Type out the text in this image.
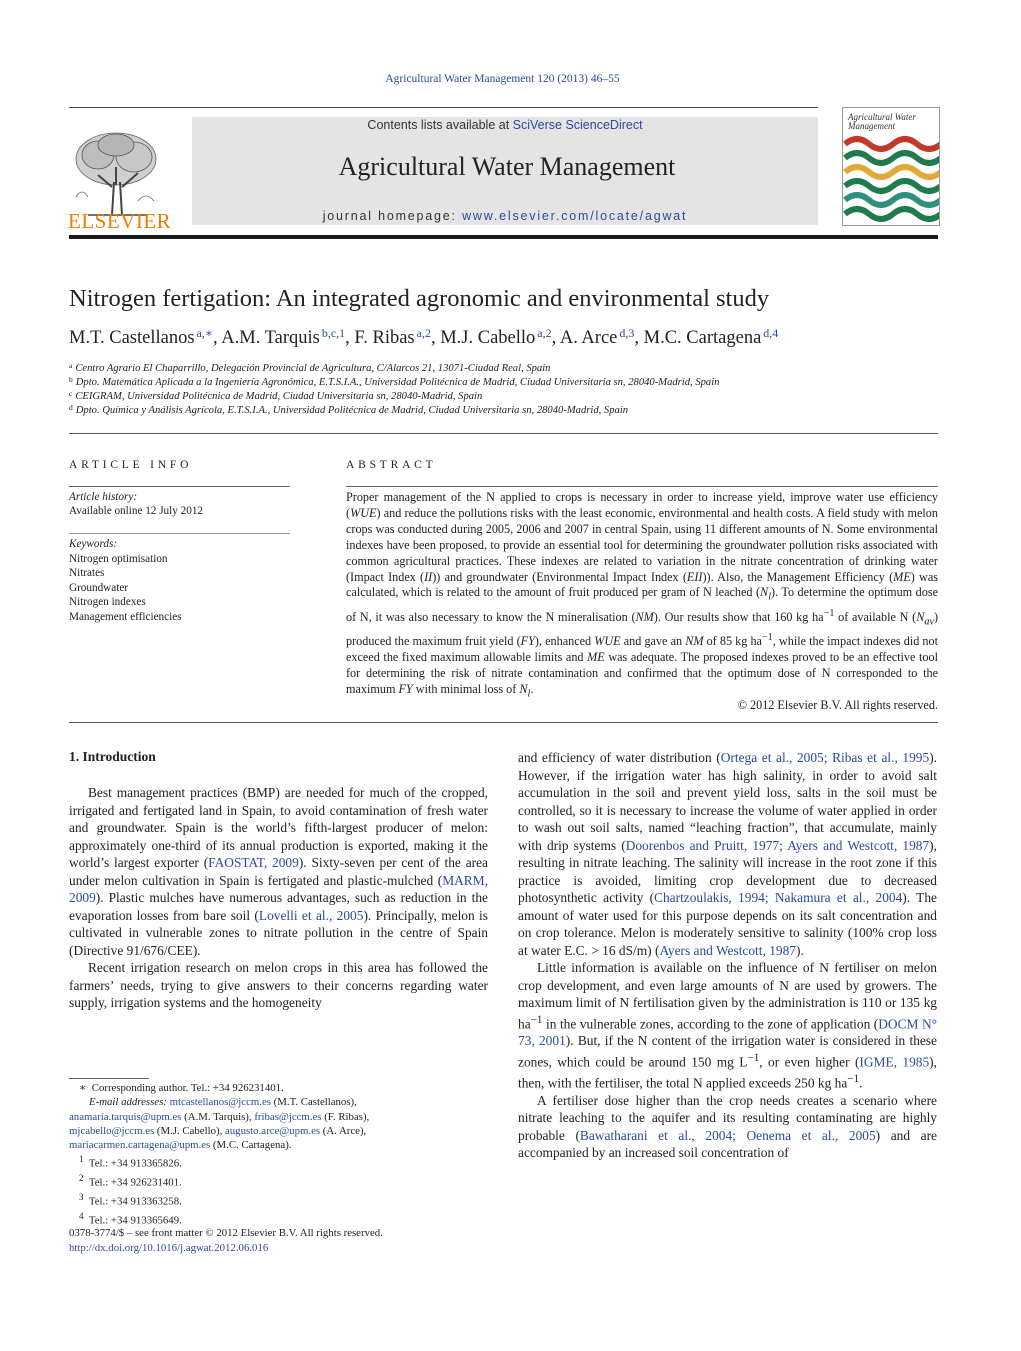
Agricultural Water Management 120 (2013) 46–55
ELSEVIER
Contents lists available at SciVerse ScienceDirect
Agricultural Water Management
journal homepage: www.elsevier.com/locate/agwat
Agricultural Water Management
Nitrogen fertigation: An integrated agronomic and environmental study
M.T. Castellanos $^{a,∗}$, A.M. Tarquis $^{b,c,1}$, F. Ribas $^{a,2}$, M.J. Cabello $^{a,2}$, A. Arce $^{d,3}$, M.C. Cartagena $^{d,4}$
$^a$ Centro Agrario El Chaparrillo, Delegación Provincial de Agricultura, C/Alarcos 21, 13071-Ciudad Real, Spain
$^b$ Dpto. Matemática Aplicada a la Ingeniería Agronómica, E.T.S.I.A., Universidad Politécnica de Madrid, Ciudad Universitaria sn, 28040-Madrid, Spain
$^c$ CEIGRAM, Universidad Politécnica de Madrid, Ciudad Universitaria sn, 28040-Madrid, Spain
$^d$ Dpto. Química y Análisis Agrícola, E.T.S.I.A., Universidad Politécnica de Madrid, Ciudad Universitaria sn, 28040-Madrid, Spain
ARTICLE INFO
Article history:
Available online 12 July 2012
Keywords:
Nitrogen optimisation
Nitrates
Groundwater
Nitrogen indexes
Management efficiencies
ABSTRACT
Proper management of the N applied to crops is necessary in order to increase yield, improve water use efficiency (WUE) and reduce the pollutions risks with the least economic, environmental and health costs. A field study with melon crops was conducted during 2005, 2006 and 2007 in central Spain, using 11 different amounts of N. Some environmental indexes have been proposed, to provide an essential tool for determining the groundwater pollution risks associated with common agricultural practices. These indexes are related to variation in the nitrate concentration of drinking water (Impact Index (II)) and groundwater (Environmental Impact Index (EII)). Also, the Management Efficiency (ME) was calculated, which is related to the amount of fruit produced per gram of N leached $(N_l)$. To determine the optimum dose of N, it was also necessary to know the N mineralisation (NM). Our results show that 160 kg $ha^{-1}$ of available N $(N_{av})$ produced the maximum fruit yield (FY), enhanced WUE and gave an NM of 85 kg $ha^{-1}$, while the impact indexes did not exceed the fixed maximum allowable limits and ME was adequate. The proposed indexes proved to be an effective tool for determining the risk of nitrate contamination and confirmed that the optimum dose of N corresponded to the maximum FY with minimal loss of $N_l$.
© 2012 Elsevier B.V. All rights reserved.
1. Introduction

Best management practices (BMP) are needed for much of the cropped, irrigated and fertigated land in Spain, to avoid contamination of fresh water and groundwater. Spain is the world’s fifth-largest producer of melon: approximately one-third of its annual production is exported, making it the world’s largest exporter (FAOSTAT, 2009). Sixty-seven per cent of the area under melon cultivation in Spain is fertigated and plastic-mulched (MARM, 2009). Plastic mulches have numerous advantages, such as reduction in the evaporation losses from bare soil (Lovelli et al., 2005). Principally, melon is cultivated in vulnerable zones to nitrate pollution in the centre of Spain (Directive 91/676/CEE).

Recent irrigation research on melon crops in this area has followed the farmers’ needs, trying to give answers to their concerns regarding water supply, irrigation systems and the homogeneity

and efficiency of water distribution (Ortega et al., 2005; Ribas et al., 1995). However, if the irrigation water has high salinity, in order to avoid salt accumulation in the soil and prevent yield loss, salts in the soil must be controlled, so it is necessary to increase the volume of water applied in order to wash out soil salts, named “leaching fraction”, that accumulate, mainly with drip systems (Doorenbos and Pruitt, 1977; Ayers and Westcott, 1987), resulting in nitrate leaching. The salinity will increase in the root zone if this practice is avoided, limiting crop development due to decreased photosynthetic activity (Chartzoulakis, 1994; Nakamura et al., 2004). The amount of water used for this purpose depends on its salt concentration and on crop tolerance. Melon is moderately sensitive to salinity (100% crop loss at water E.C. > 16 dS/m) (Ayers and Westcott, 1987).

Little information is available on the influence of N fertiliser on melon crop development, and even large amounts of N are used by growers. The maximum limit of N fertilisation given by the administration is 110 or 135 kg $ha^{-1}$ in the vulnerable zones, according to the zone of application (DOCM N° 73, 2001). But, if the N content of the irrigation water is considered in these zones, which could be around 150 mg $L^{-1}$, or even higher (IGME, 1985), then, with the fertiliser, the total N applied exceeds 250 kg $ha^{-1}$.

A fertiliser dose higher than the crop needs creates a scenario where nitrate leaching to the aquifer and its resulting contaminating are highly probable (Bawatharani et al., 2004; Oenema et al., 2005) and are accompanied by an increased soil concentration of

∗  Corresponding author. Tel.: +34 926231401.
E-mail addresses: mtcastellanos@jccm.es (M.T. Castellanos),
anamaria.tarquis@upm.es (A.M. Tarquis), fribas@jccm.es (F. Ribas),
mjcabello@jccm.es (M.J. Cabello), augusto.arce@upm.es (A. Arce),
mariacarmen.cartagena@upm.es (M.C. Cartagena).
$^1$ Tel.: +34 913365826.
$^2$ Tel.: +34 926231401.
$^3$ Tel.: +34 913363258.
$^4$ Tel.: +34 913365649.
0378-3774/$ – see front matter © 2012 Elsevier B.V. All rights reserved.
http://dx.doi.org/10.1016/j.agwat.2012.06.016
